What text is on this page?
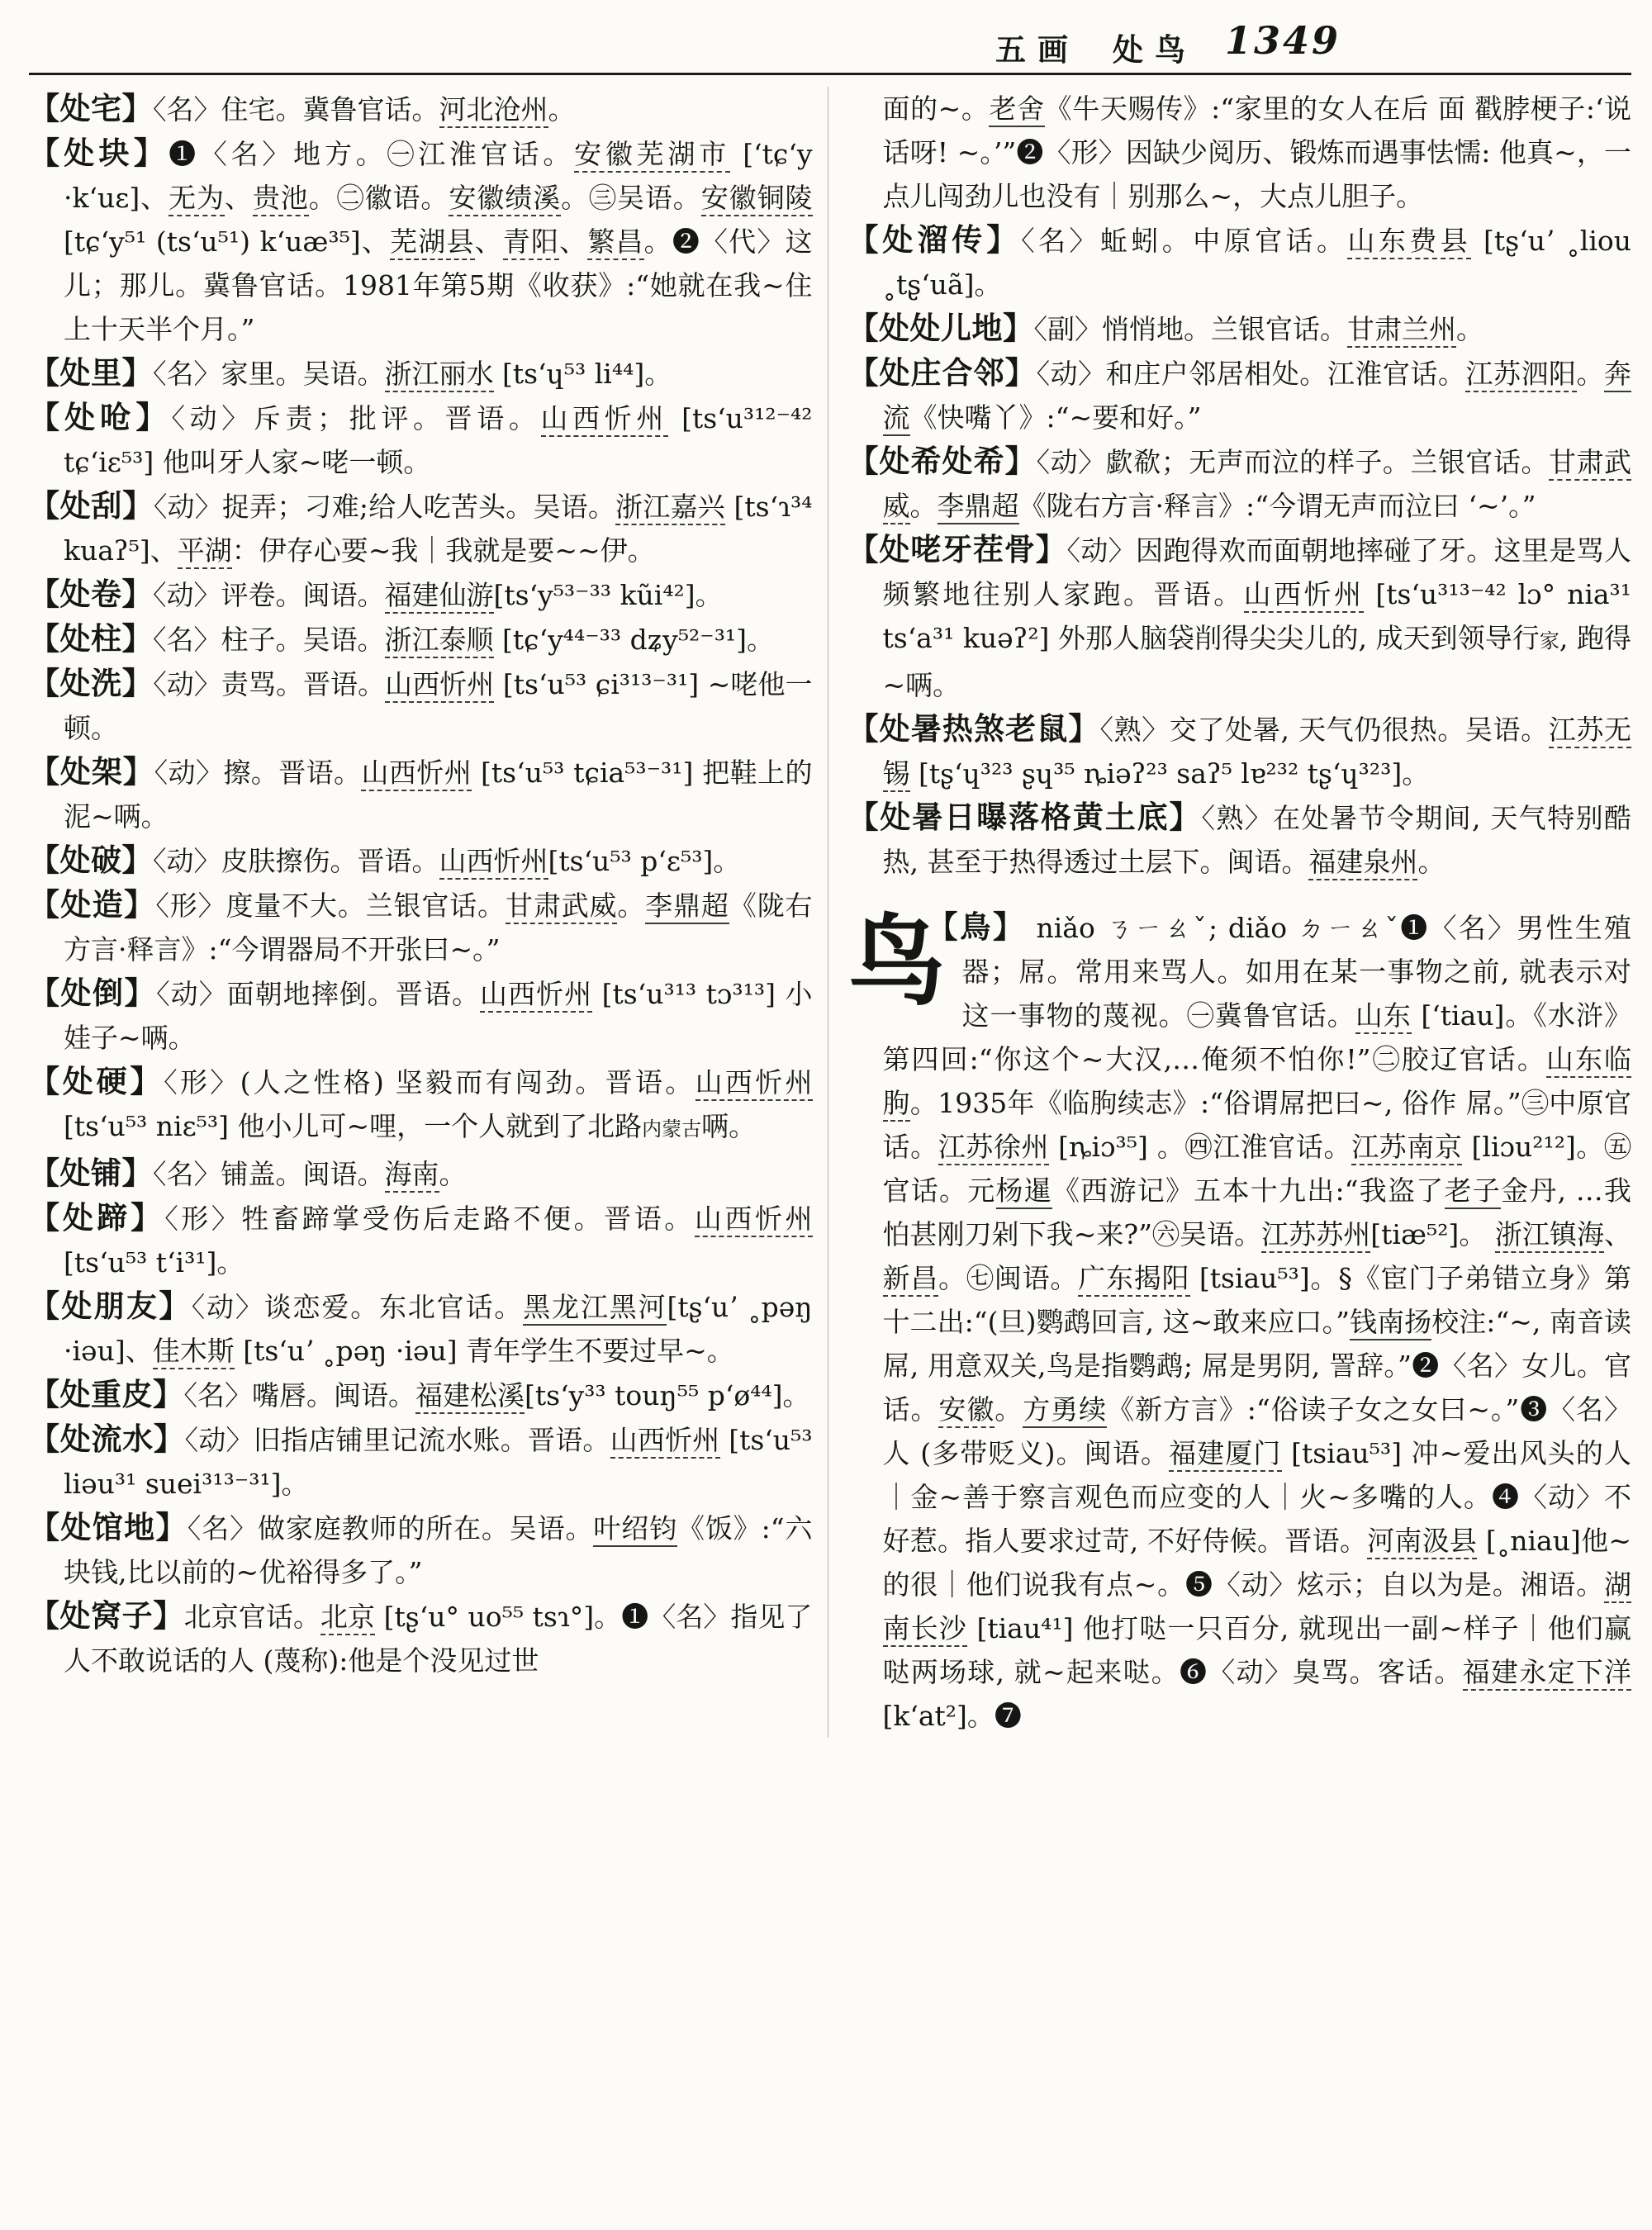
五画 处鸟 1349

【处宅】〈名〉住宅。冀鲁官话。河北沧州。

【处块】❶〈名〉地方。㊀江淮官话。安徽芜湖市 [ʻtɕʻy ·kʻuɛ]、无为、贵池。㊁徽语。安徽绩溪。㊂吴语。安徽铜陵 [tɕʻy⁵¹ (tsʻu⁵¹) kʻuæ³⁵]、芜湖县、青阳、繁昌。❷〈代〉这儿；那儿。冀鲁官话。1981年第5期《收获》:“她就在我~住上十天半个月。”

【处里】〈名〉家里。吴语。浙江丽水 [tsʻɥ⁵³ li⁴⁴]。

【处呛】〈动〉斥责；批评。晋语。山西忻州 [tsʻu³¹²⁻⁴² tɕʻiɛ⁵³] 他叫牙人家~咾一顿。

【处刮】〈动〉捉弄；刁难;给人吃苦头。吴语。浙江嘉兴 [tsʻɿ³⁴ kuaʔ⁵]、平湖：伊存心要~我｜我就是要~~伊。

【处卷】〈动〉评卷。闽语。福建仙游[tsʻy⁵³⁻³³ kũi⁴²]。

【处柱】〈名〉柱子。吴语。浙江泰顺 [tɕʻy⁴⁴⁻³³ dʑy⁵²⁻³¹]。

【处洗】〈动〉责骂。晋语。山西忻州 [tsʻu⁵³ ɕi³¹³⁻³¹] ~咾他一顿。

【处架】〈动〉擦。晋语。山西忻州 [tsʻu⁵³ tɕia⁵³⁻³¹] 把鞋上的泥~唡。

【处破】〈动〉皮肤擦伤。晋语。山西忻州[tsʻu⁵³ pʻɛ⁵³]。

【处造】〈形〉度量不大。兰银官话。甘肃武威。李鼎超《陇右方言·释言》:“今谓器局不开张曰~。”

【处倒】〈动〉面朝地摔倒。晋语。山西忻州 [tsʻu³¹³ tɔ³¹³] 小娃子~唡。

【处硬】〈形〉(人之性格) 坚毅而有闯劲。晋语。山西忻州 [tsʻu⁵³ niɛ⁵³] 他小儿可~哩，一个人就到了北路内蒙古唡。

【处铺】〈名〉铺盖。闽语。海南。

【处蹄】〈形〉牲畜蹄掌受伤后走路不便。晋语。山西忻州 [tsʻu⁵³ tʻi³¹]。

【处朋友】〈动〉谈恋爱。东北官话。黑龙江黑河[tʂʻuʼ ˳pəŋ ·iəu]、佳木斯 [tsʻuʼ ˳pəŋ ·iəu] 青年学生不要过早~。

【处重皮】〈名〉嘴唇。闽语。福建松溪[tsʻy³³ touŋ⁵⁵ pʻø⁴⁴]。

【处流水】〈动〉旧指店铺里记流水账。晋语。山西忻州 [tsʻu⁵³ liəu³¹ suei³¹³⁻³¹]。

【处馆地】〈名〉做家庭教师的所在。吴语。叶绍钧《饭》:“六块钱,比以前的~优裕得多了。”

【处窝子】北京官话。北京 [tʂʻu° uo⁵⁵ tsɿ°]。❶〈名〉指见了人不敢说话的人 (蔑称):他是个没见过世

面的~。老舍《牛天赐传》:“家里的女人在后 面 戳脖梗子:‘说话呀! ~。’”❷〈形〉因缺少阅历、锻炼而遇事怯懦: 他真~，一点儿闯劲儿也没有｜别那么~，大点儿胆子。

【处溜传】〈名〉蚯蚓。中原官话。山东费县 [tʂʻuʼ ˳liou ˳tʂʻuã]。

【处处儿地】〈副〉悄悄地。兰银官话。甘肃兰州。

【处庄合邻】〈动〉和庄户邻居相处。江淮官话。江苏泗阳。奔流《快嘴丫》:“~要和好。”

【处希处希】〈动〉歔欷；无声而泣的样子。兰银官话。甘肃武威。李鼎超《陇右方言·释言》:“今谓无声而泣曰 ‘~’。”

【处咾牙茬骨】〈动〉因跑得欢而面朝地摔碰了牙。这里是骂人频繁地往别人家跑。晋语。山西忻州 [tsʻu³¹³⁻⁴² lɔ° nia³¹ tsʻa³¹ kuəʔ²] 外那人脑袋削得尖尖儿的, 成天到领导行家, 跑得~唡。

【处暑热煞老鼠】〈熟〉交了处暑, 天气仍很热。吴语。江苏无锡 [tʂʻɥ³²³ ʂɥ³⁵ ȵiəʔ²³ saʔ⁵ lɐ²³² tʂʻɥ³²³]。

【处暑日曝落格黄土底】〈熟〉在处暑节令期间, 天气特别酷热, 甚至于热得透过土层下。闽语。福建泉州。

鸟

【鳥】 niǎo ㄋㄧㄠˇ; diǎo ㄉㄧㄠˇ❶〈名〉男性生殖器；屌。常用来骂人。如用在某一事物之前, 就表示对这一事物的蔑视。㊀冀鲁官话。山东 [ʻtiau]。《水浒》第四回:“你这个~大汉,…俺须不怕你!”㊁胶辽官话。山东临朐。1935年《临朐续志》:“俗谓屌把曰~, 俗作 屌。”㊂中原官话。江苏徐州 [ȵiɔ³⁵] 。㊃江淮官话。江苏南京 [liɔu²¹²]。㊄官话。元杨暹《西游记》五本十九出:“我盗了老子金丹, …我怕甚刚刀剁下我~来?”㊅吴语。江苏苏州[tiæ⁵²]。 浙江镇海、新昌。㊆闽语。广东揭阳 [tsiau⁵³]。§《宦门子弟错立身》第十二出:“(旦)鹦鹉回言, 这~敢来应口。”钱南扬校注:“~, 南音读屌, 用意双关,鸟是指鹦鹉; 屌是男阴, 詈辞。”❷〈名〉女儿。官话。安徽。方勇续《新方言》:“俗读子女之女曰~。”❸〈名〉人 (多带贬义)。闽语。福建厦门 [tsiau⁵³] 冲~爱出风头的人｜金~善于察言观色而应变的人｜火~多嘴的人。❹〈动〉不好惹。指人要求过苛, 不好侍候。晋语。河南汲县 [˳niau]他~的很｜他们说我有点~。❺〈动〉炫示；自以为是。湘语。湖南长沙 [tiau⁴¹] 他打哒一只百分, 就现出一副~样子｜他们赢哒两场球, 就~起来哒。❻〈动〉臭骂。客话。福建永定下洋 [kʻat²]。❼
